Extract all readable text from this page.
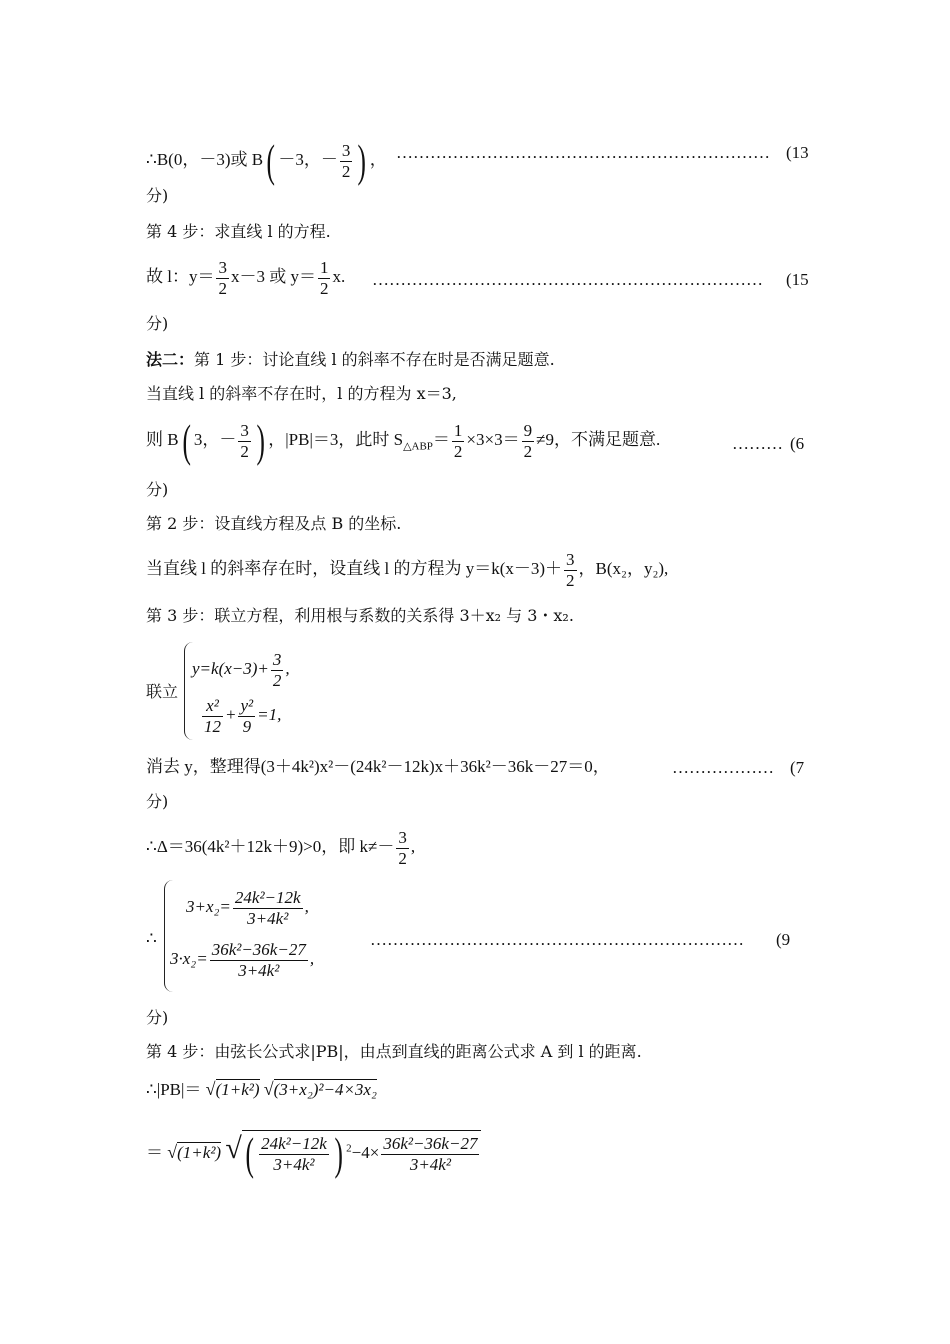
∴B(0，－3)或 B( －3，－ $\frac{3}{2}$ ) ， ………………………………………………………… (13
分)
第 4 步：求直线 l 的方程.
故 l：$y= \frac{3}{2} x-3$ 或 $y= \frac{1}{2} x$. ……………………………………………………………	(15
分)
法二：第 1 步：讨论直线 l 的斜率不存在时是否满足题意.
当直线 l 的斜率不存在时，l 的方程为 x＝3,
则 B( 3，－ $\frac{3}{2}$ ) ，|PB|＝3，此时 $S_{\triangle ABP}= \frac{1}{2} \times 3\times 3= \frac{9}{2} \ne 9$，不满足题意.	……… (6
分)
第 2 步：设直线方程及点 B 的坐标.
当直线 l 的斜率存在时，设直线 l 的方程为 $y=k(x-3)+ \frac{3}{2}$ ，B(x₂，y₂),
第 3 步：联立方程，利用根与系数的关系得 3＋x₂ 与 3・x₂.
联立
$y=k(x-3)+ \frac{3}{2}$ ,
$\frac{\text{x²}}{12} + \frac{\text{y²}}{9} =1$,
消去 y，整理得(3＋4k²)x²－(24k²－12k)x＋36k²－36k－27＝0，	……………… (7
分)
∴Δ＝36(4k²＋12k＋9)>0，即 $k\ne- \frac{3}{2}$ ,
∴
$3+x_2= \frac{\text{24k²−12k}}{\text{3+4k²}}$ ,
$3\cdot x_2= \frac{\text{36k²−36k−27}}{\text{3+4k²}}$ ,
…………………………………………………………	(9
分)
第 4 步：由弦长公式求|PB|，由点到直线的距离公式求 A 到 l 的距离.
∴|PB|＝ √(1+k²) √(3+x₂)²−4×3x₂
＝ √(1+k²) √( $\frac{\text{24k²−12k}}{\text{3+4k²}}$ ) $^2-4\times \frac{\text{36k²−36k−27}}{\text{3+4k²}}$
